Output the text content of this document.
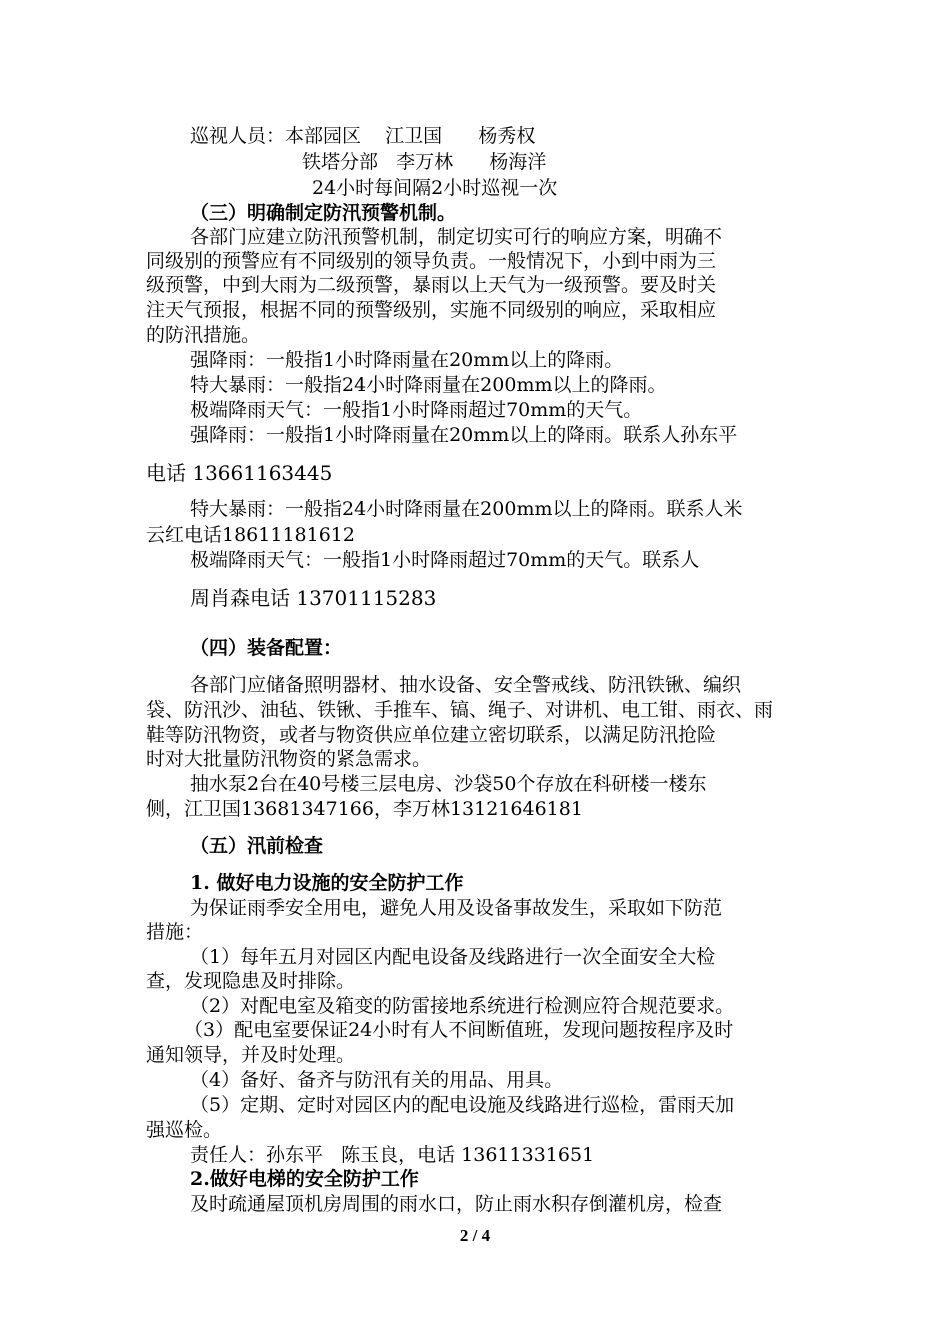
巡视人员：本部园区    江卫国      杨秀权
铁塔分部   李万林      杨海洋
24小时每间隔2小时巡视一次
（三）明确制定防汛预警机制。
各部门应建立防汛预警机制，制定切实可行的响应方案，明确不
同级别的预警应有不同级别的领导负责。一般情况下，小到中雨为三
级预警，中到大雨为二级预警，暴雨以上天气为一级预警。要及时关
注天气预报，根据不同的预警级别，实施不同级别的响应，采取相应
的防汛措施。
强降雨：一般指1小时降雨量在20mm以上的降雨。
特大暴雨：一般指24小时降雨量在200mm以上的降雨。
极端降雨天气：一般指1小时降雨超过70mm的天气。
强降雨：一般指1小时降雨量在20mm以上的降雨。联系人孙东平
电话 13661163445
特大暴雨：一般指24小时降雨量在200mm以上的降雨。联系人米
云红电话18611181612
极端降雨天气：一般指1小时降雨超过70mm的天气。联系人
周肖森电话 13701115283
（四）装备配置：
各部门应储备照明器材、抽水设备、安全警戒线、防汛铁锹、编织
袋、防汛沙、油毡、铁锹、手推车、镐、绳子、对讲机、电工钳、雨衣、雨
鞋等防汛物资，或者与物资供应单位建立密切联系，以满足防汛抢险
时对大批量防汛物资的紧急需求。
抽水泵2台在40号楼三层电房、沙袋50个存放在科研楼一楼东
侧，江卫国13681347166，李万林13121646181
（五）汛前检查
1. 做好电力设施的安全防护工作
为保证雨季安全用电，避免人用及设备事故发生，采取如下防范
措施：
（1）每年五月对园区内配电设备及线路进行一次全面安全大检
查，发现隐患及时排除。
（2）对配电室及箱变的防雷接地系统进行检测应符合规范要求。
（3）配电室要保证24小时有人不间断值班，发现问题按程序及时
通知领导，并及时处理。
（4）备好、备齐与防汛有关的用品、用具。
（5）定期、定时对园区内的配电设施及线路进行巡检，雷雨天加
强巡检。
责任人：孙东平   陈玉良，电话 13611331651
2.做好电梯的安全防护工作
及时疏通屋顶机房周围的雨水口，防止雨水积存倒灌机房，检查
2 / 4
